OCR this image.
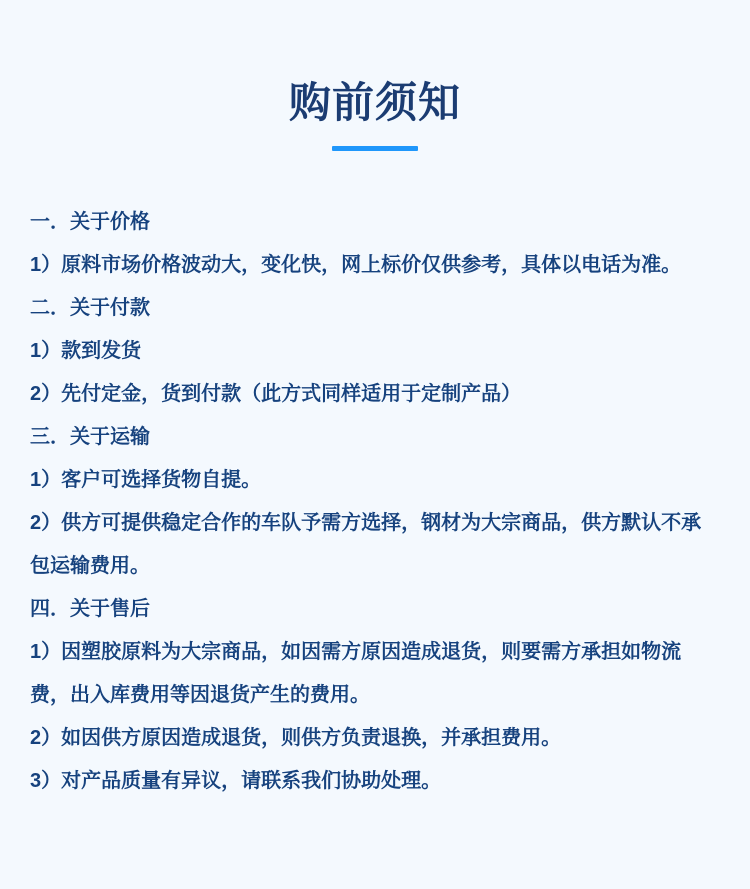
购前须知

一．关于价格

1）原料市场价格波动大，变化快，网上标价仅供参考，具体以电话为准。

二．关于付款

1）款到发货

2）先付定金，货到付款（此方式同样适用于定制产品）

三．关于运输

1）客户可选择货物自提。

2）供方可提供稳定合作的车队予需方选择，钢材为大宗商品，供方默认不承包运输费用。

四．关于售后

1）因塑胶原料为大宗商品，如因需方原因造成退货，则要需方承担如物流费，出入库费用等因退货产生的费用。

2）如因供方原因造成退货，则供方负责退换，并承担费用。

3）对产品质量有异议，请联系我们协助处理。
